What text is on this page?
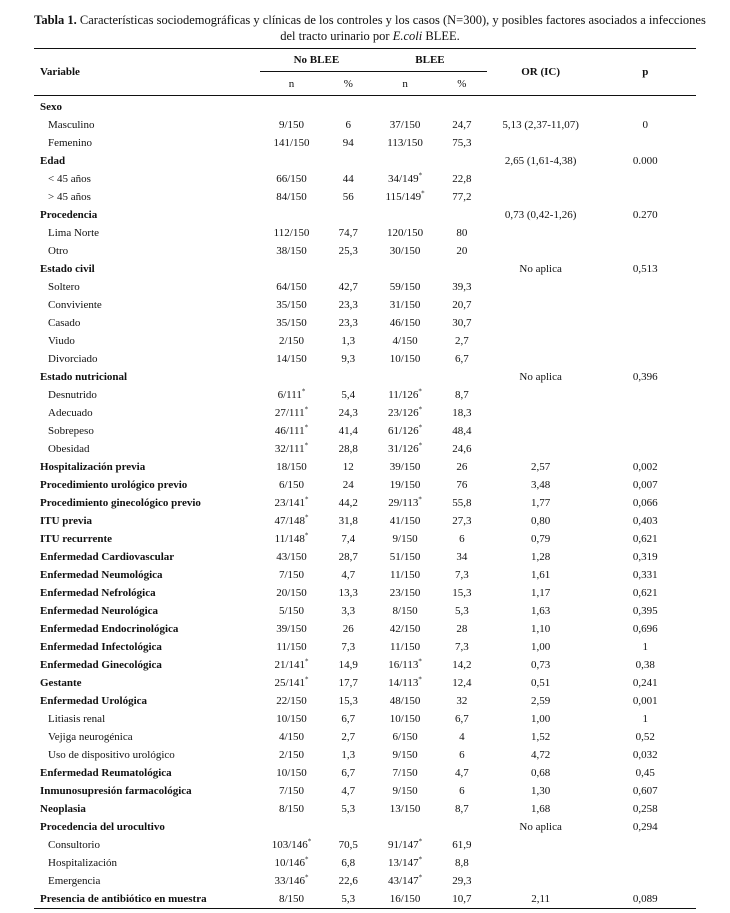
Tabla 1. Características sociodemográficas y clínicas de los controles y los casos (N=300), y posibles factores asociados a infecciones del tracto urinario por E.coli BLEE.
Variable	No BLEE		BLEE		OR (IC)	p
	n	%	n	%		
Sexo						
Masculino	9/150	6	37/150	24,7	5,13 (2,37-11,07)	0
Femenino	141/150	94	113/150	75,3		
Edad					2,65 (1,61-4,38)	0.000
< 45 años	66/150	44	34/149*	22,8		
> 45 años	84/150	56	115/149*	77,2		
Procedencia					0,73 (0,42-1,26)	0.270
Lima Norte	112/150	74,7	120/150	80		
Otro	38/150	25,3	30/150	20		
Estado civil					No aplica	0,513
Soltero	64/150	42,7	59/150	39,3		
Conviviente	35/150	23,3	31/150	20,7		
Casado	35/150	23,3	46/150	30,7		
Viudo	2/150	1,3	4/150	2,7		
Divorciado	14/150	9,3	10/150	6,7		
Estado nutricional					No aplica	0,396
Desnutrido	6/111*	5,4	11/126*	8,7		
Adecuado	27/111*	24,3	23/126*	18,3		
Sobrepeso	46/111*	41,4	61/126*	48,4		
Obesidad	32/111*	28,8	31/126*	24,6		
Hospitalización previa	18/150	12	39/150	26	2,57	0,002
Procedimiento urológico previo	6/150	24	19/150	76	3,48	0,007
Procedimiento ginecológico previo	23/141*	44,2	29/113*	55,8	1,77	0,066
ITU previa	47/148*	31,8	41/150	27,3	0,80	0,403
ITU recurrente	11/148*	7,4	9/150	6	0,79	0,621
Enfermedad Cardiovascular	43/150	28,7	51/150	34	1,28	0,319
Enfermedad Neumológica	7/150	4,7	11/150	7,3	1,61	0,331
Enfermedad Nefrológica	20/150	13,3	23/150	15,3	1,17	0,621
Enfermedad Neurológica	5/150	3,3	8/150	5,3	1,63	0,395
Enfermedad Endocrinológica	39/150	26	42/150	28	1,10	0,696
Enfermedad Infectológica	11/150	7,3	11/150	7,3	1,00	1
Enfermedad Ginecológica	21/141*	14,9	16/113*	14,2	0,73	0,38
Gestante	25/141*	17,7	14/113*	12,4	0,51	0,241
Enfermedad Urológica	22/150	15,3	48/150	32	2,59	0,001
Litiasis renal	10/150	6,7	10/150	6,7	1,00	1
Vejiga neurogénica	4/150	2,7	6/150	4	1,52	0,52
Uso de dispositivo urológico	2/150	1,3	9/150	6	4,72	0,032
Enfermedad Reumatológica	10/150	6,7	7/150	4,7	0,68	0,45
Inmunosupresión farmacológica	7/150	4,7	9/150	6	1,30	0,607
Neoplasia	8/150	5,3	13/150	8,7	1,68	0,258
Procedencia del urocultivo					No aplica	0,294
Consultorio	103/146*	70,5	91/147*	61,9		
Hospitalización	10/146*	6,8	13/147*	8,8		
Emergencia	33/146*	22,6	43/147*	29,3		
Presencia de antibiótico en muestra	8/150	5,3	16/150	10,7	2,11	0,089
